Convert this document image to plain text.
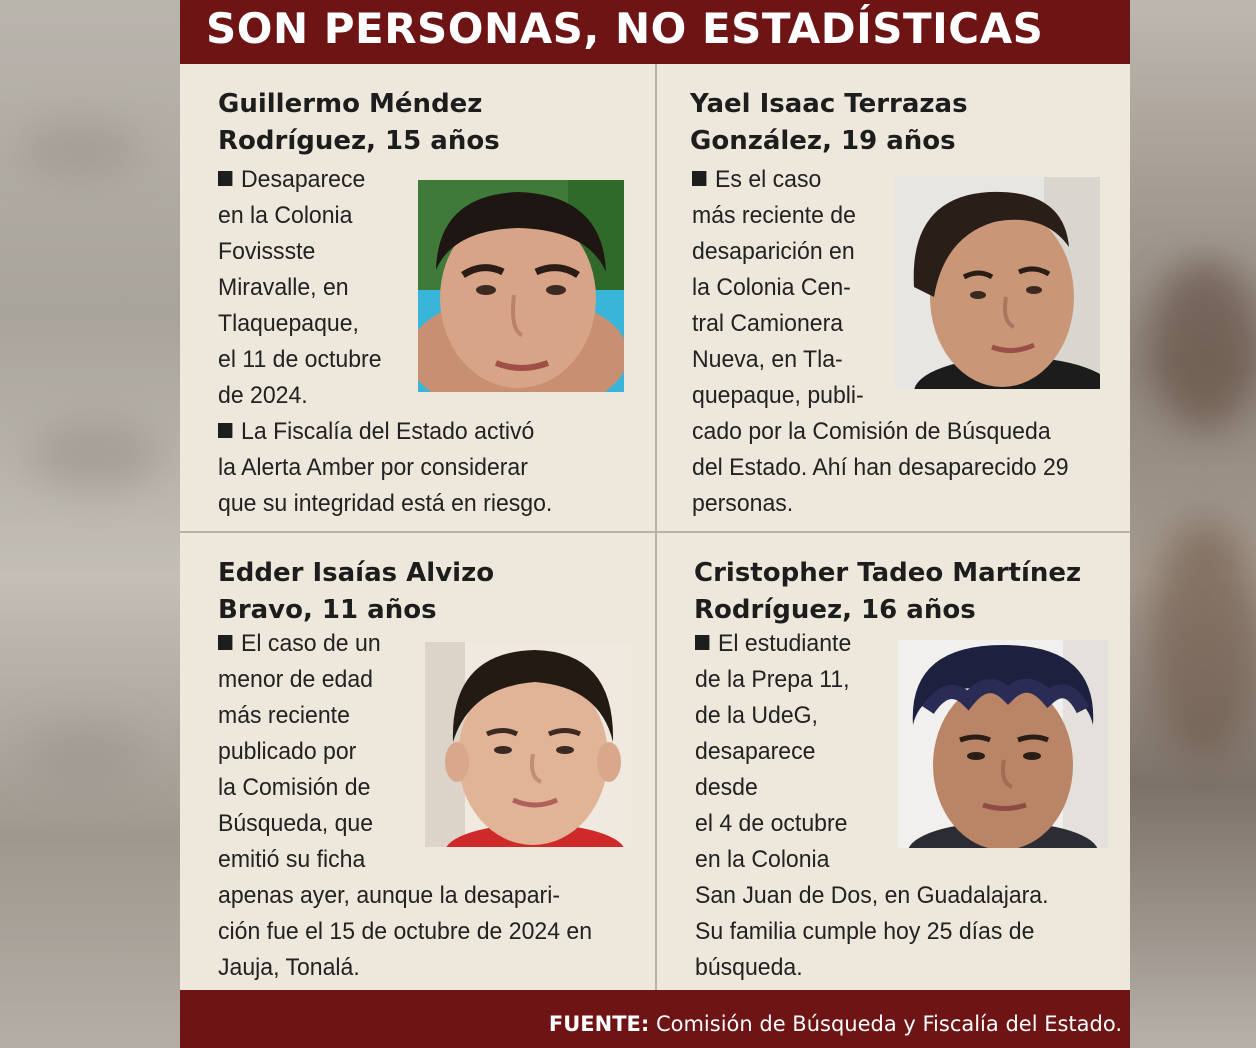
SON PERSONAS, NO ESTADÍSTICAS
Guillermo Méndez
Rodríguez, 15 años
Desaparece
en la Colonia
Fovissste
Miravalle, en
Tlaquepaque,
el 11 de octubre
de 2024.
La Fiscalía del Estado activó
la Alerta Amber por considerar
que su integridad está en riesgo.
Yael Isaac Terrazas
González, 19 años
Es el caso
más reciente de
desaparición en
la Colonia Cen-
tral Camionera
Nueva, en Tla-
quepaque, publi-
cado por la Comisión de Búsqueda
del Estado. Ahí han desaparecido 29
personas.
Edder Isaías Alvizo
Bravo, 11 años
El caso de un
menor de edad
más reciente
publicado por
la Comisión de
Búsqueda, que
emitió su ficha
apenas ayer, aunque la desapari-
ción fue el 15 de octubre de 2024 en
Jauja, Tonalá.
Cristopher Tadeo Martínez
Rodríguez, 16 años
El estudiante
de la Prepa 11,
de la UdeG,
desaparece
desde
el 4 de octubre
en la Colonia
San Juan de Dos, en Guadalajara.
Su familia cumple hoy 25 días de
búsqueda.

FUENTE: Comisión de Búsqueda y Fiscalía del Estado.
